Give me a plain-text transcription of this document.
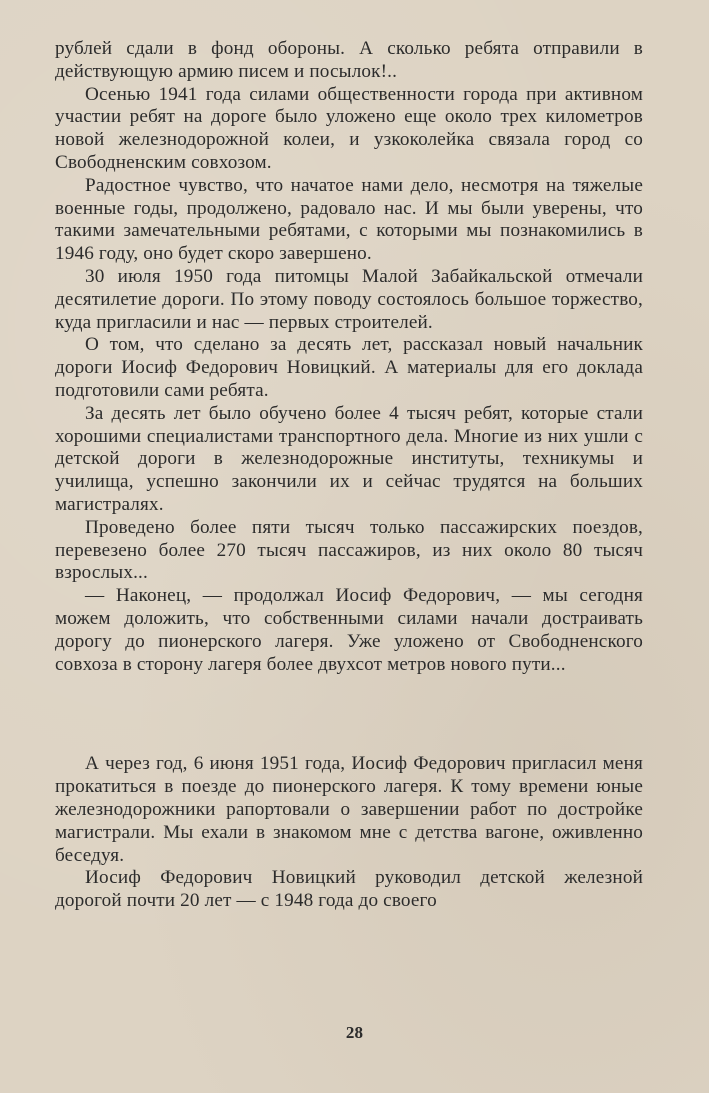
рублей сдали в фонд обороны. А сколько ребята отправили в действующую армию писем и посылок!..

Осенью 1941 года силами общественности города при активном участии ребят на дороге было уложено еще около трех километров новой железнодорожной колеи, и узкоколейка связала город со Свободненским совхозом.

Радостное чувство, что начатое нами дело, несмотря на тяжелые военные годы, продолжено, радовало нас. И мы были уверены, что такими замечательными ребятами, с которыми мы познакомились в 1946 году, оно будет скоро завершено.

30 июля 1950 года питомцы Малой Забайкальской отмечали десятилетие дороги. По этому поводу состоялось большое торжество, куда пригласили и нас — первых строителей.

О том, что сделано за десять лет, рассказал новый начальник дороги Иосиф Федорович Новицкий. А материалы для его доклада подготовили сами ребята.

За десять лет было обучено более 4 тысяч ребят, которые стали хорошими специалистами транспортного дела. Многие из них ушли с детской дороги в железнодорожные институты, техникумы и училища, успешно закончили их и сейчас трудятся на больших магистралях.

Проведено более пяти тысяч только пассажирских поездов, перевезено более 270 тысяч пассажиров, из них около 80 тысяч взрослых...

— Наконец, — продолжал Иосиф Федорович, — мы сегодня можем доложить, что собственными силами начали достраивать дорогу до пионерского лагеря. Уже уложено от Свободненского совхоза в сторону лагеря более двухсот метров нового пути...

А через год, 6 июня 1951 года, Иосиф Федорович пригласил меня прокатиться в поезде до пионерского лагеря. К тому времени юные железнодорожники рапортовали о завершении работ по достройке магистрали. Мы ехали в знакомом мне с детства вагоне, оживленно беседуя.

Иосиф Федорович Новицкий руководил детской железной дорогой почти 20 лет — с 1948 года до своего

28
